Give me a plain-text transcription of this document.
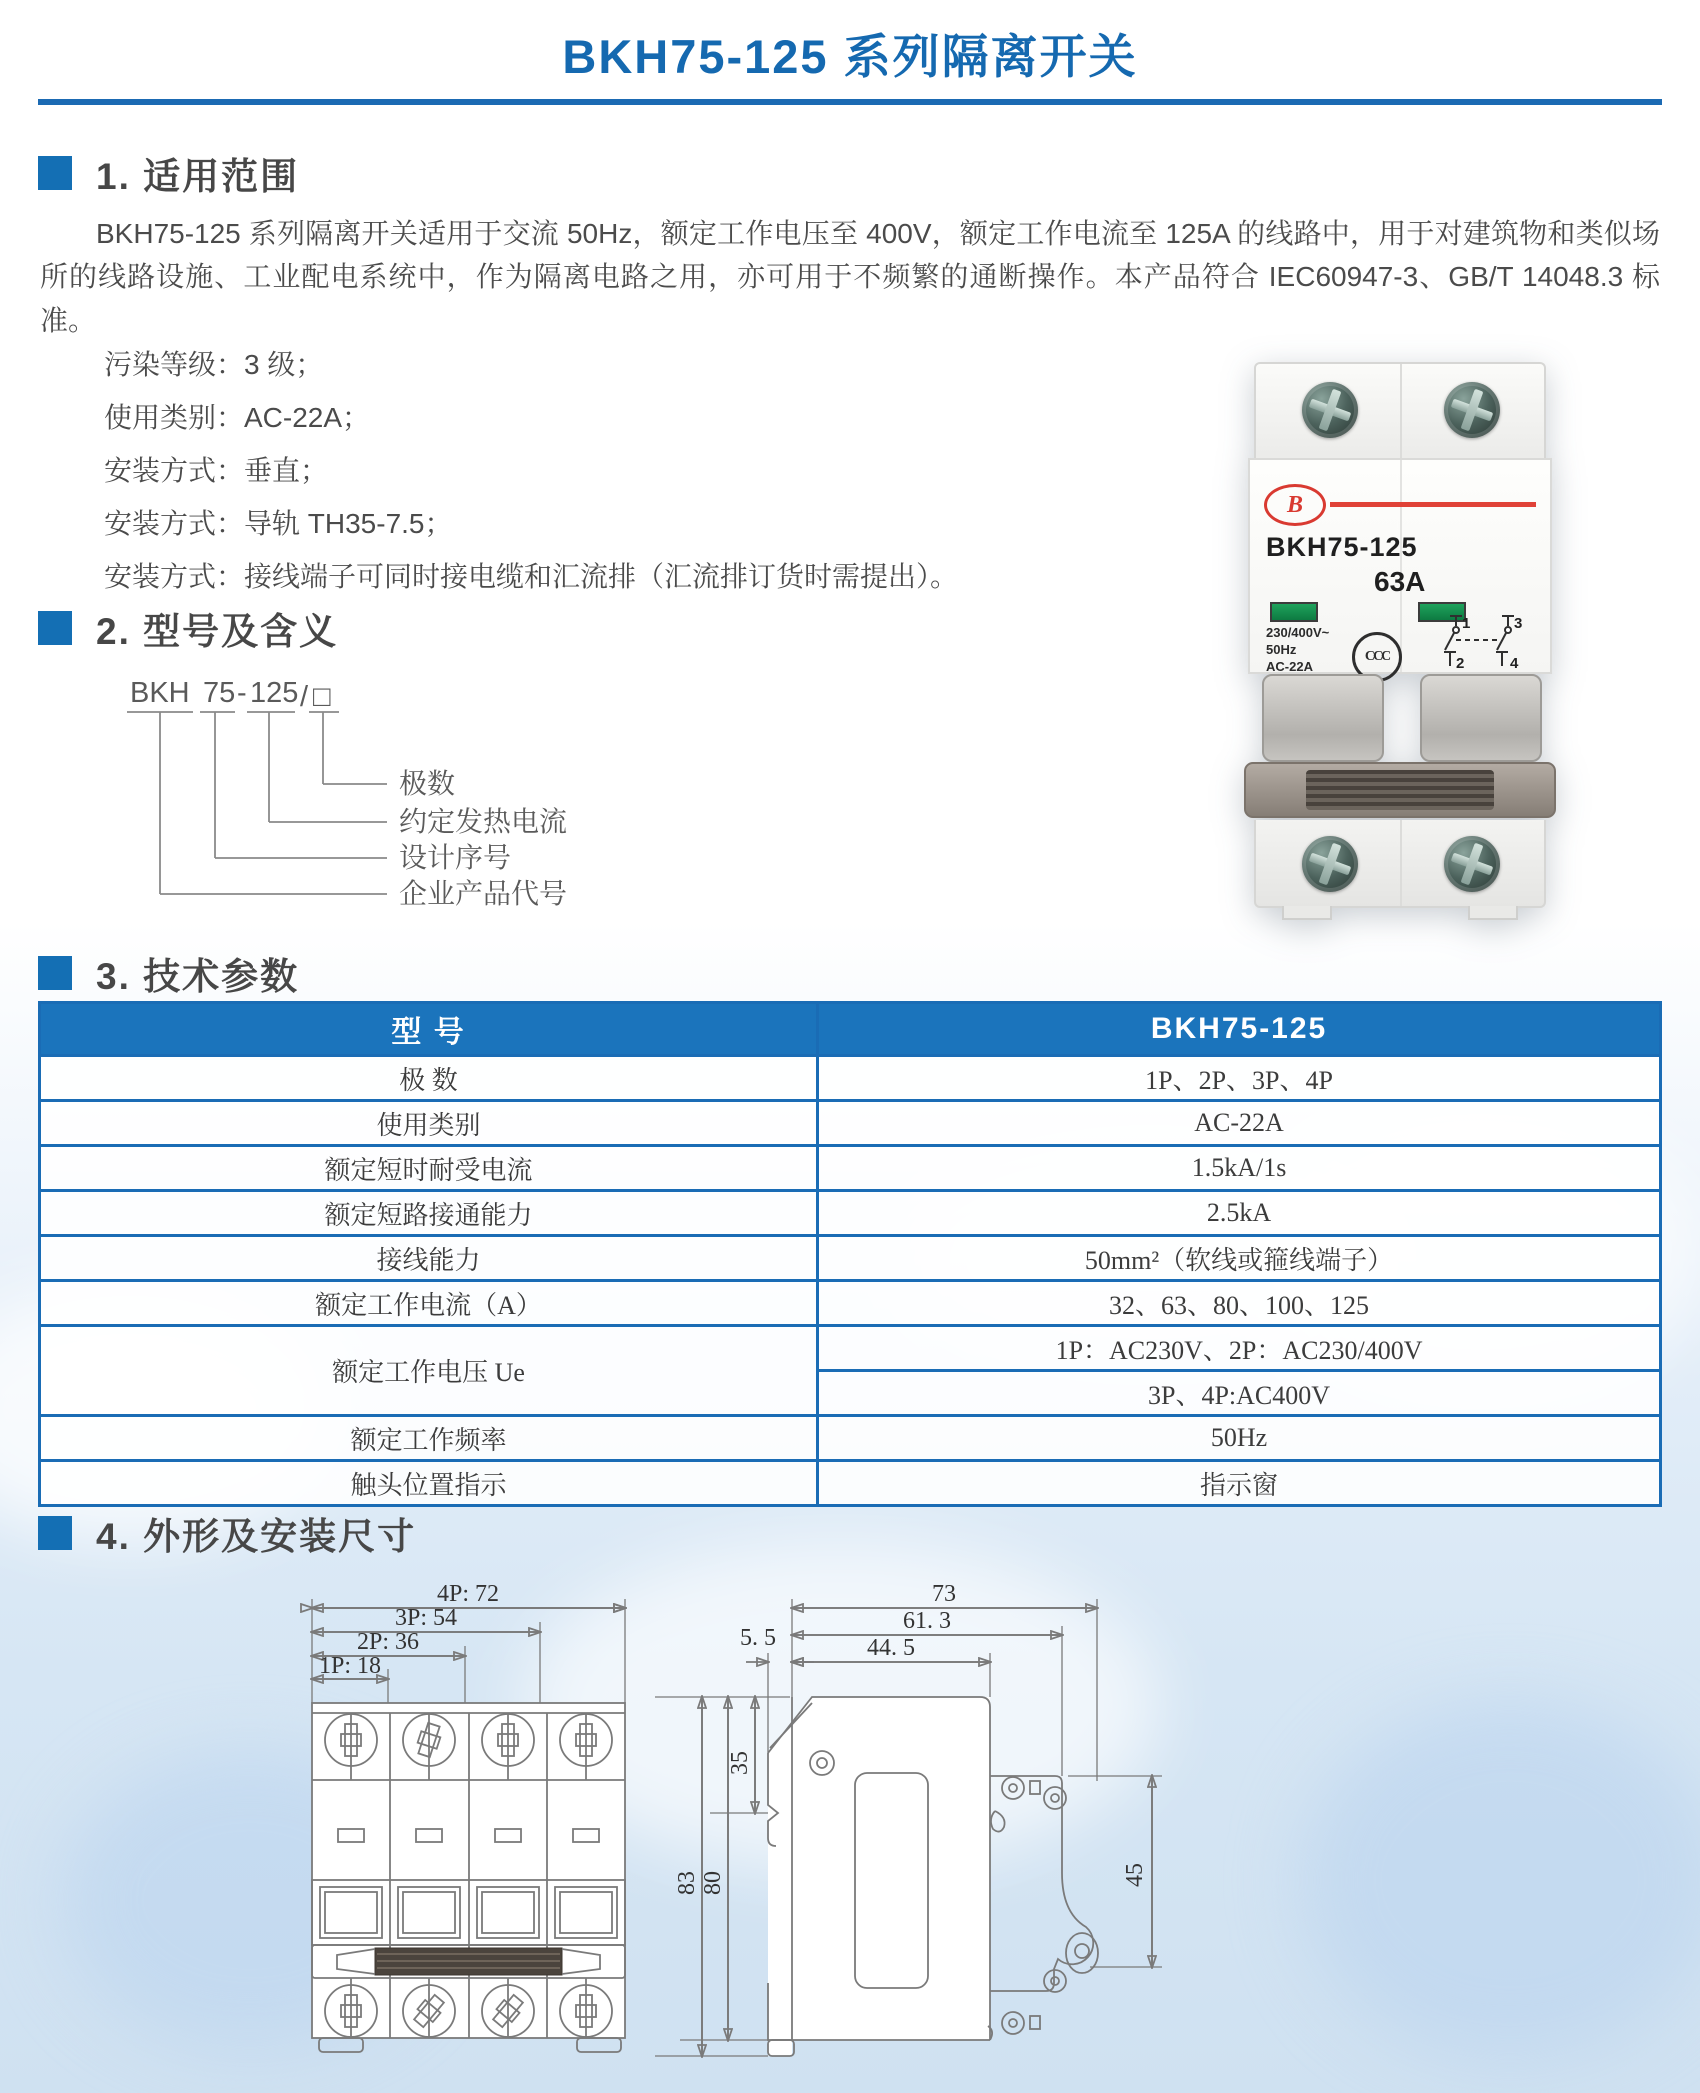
BKH75-125 系列隔离开关
1. 适用范围
BKH75-125 系列隔离开关适用于交流 50Hz，额定工作电压至 400V，额定工作电流至 125A 的线路中，用于对建筑物和类似场所的线路设施、工业配电系统中，作为隔离电路之用，亦可用于不频繁的通断操作。本产品符合 IEC60947-3、GB/T 14048.3 标准。
污染等级：3 级；
使用类别：AC-22A；
安装方式：垂直；
安装方式：导轨 TH35-7.5；
安装方式：接线端子可同时接电缆和汇流排（汇流排订货时需提出）。
2. 型号及含义
BKH 75 - 125 / □
极数
约定发热电流
设计序号
企业产品代号
B
BKH75-125
63A
230/400V~
50Hz
AC-22A
CCC
1	3
2	4
3. 技术参数
型 号	BKH75-125
极 数	1P、2P、3P、4P
使用类别	AC-22A
额定短时耐受电流	1.5kA/1s
额定短路接通能力	2.5kA
接线能力	50mm²（软线或箍线端子）
额定工作电流（A）	32、63、80、100、125
额定工作电压 Ue	1P：AC230V、2P：AC230/400V
	3P、4P:AC400V
额定工作频率	50Hz
触头位置指示	指示窗
4. 外形及安装尺寸
4P: 72
3P: 54
2P: 36
1P: 18
73
61. 3
44. 5
5. 5
83 80
35
45
